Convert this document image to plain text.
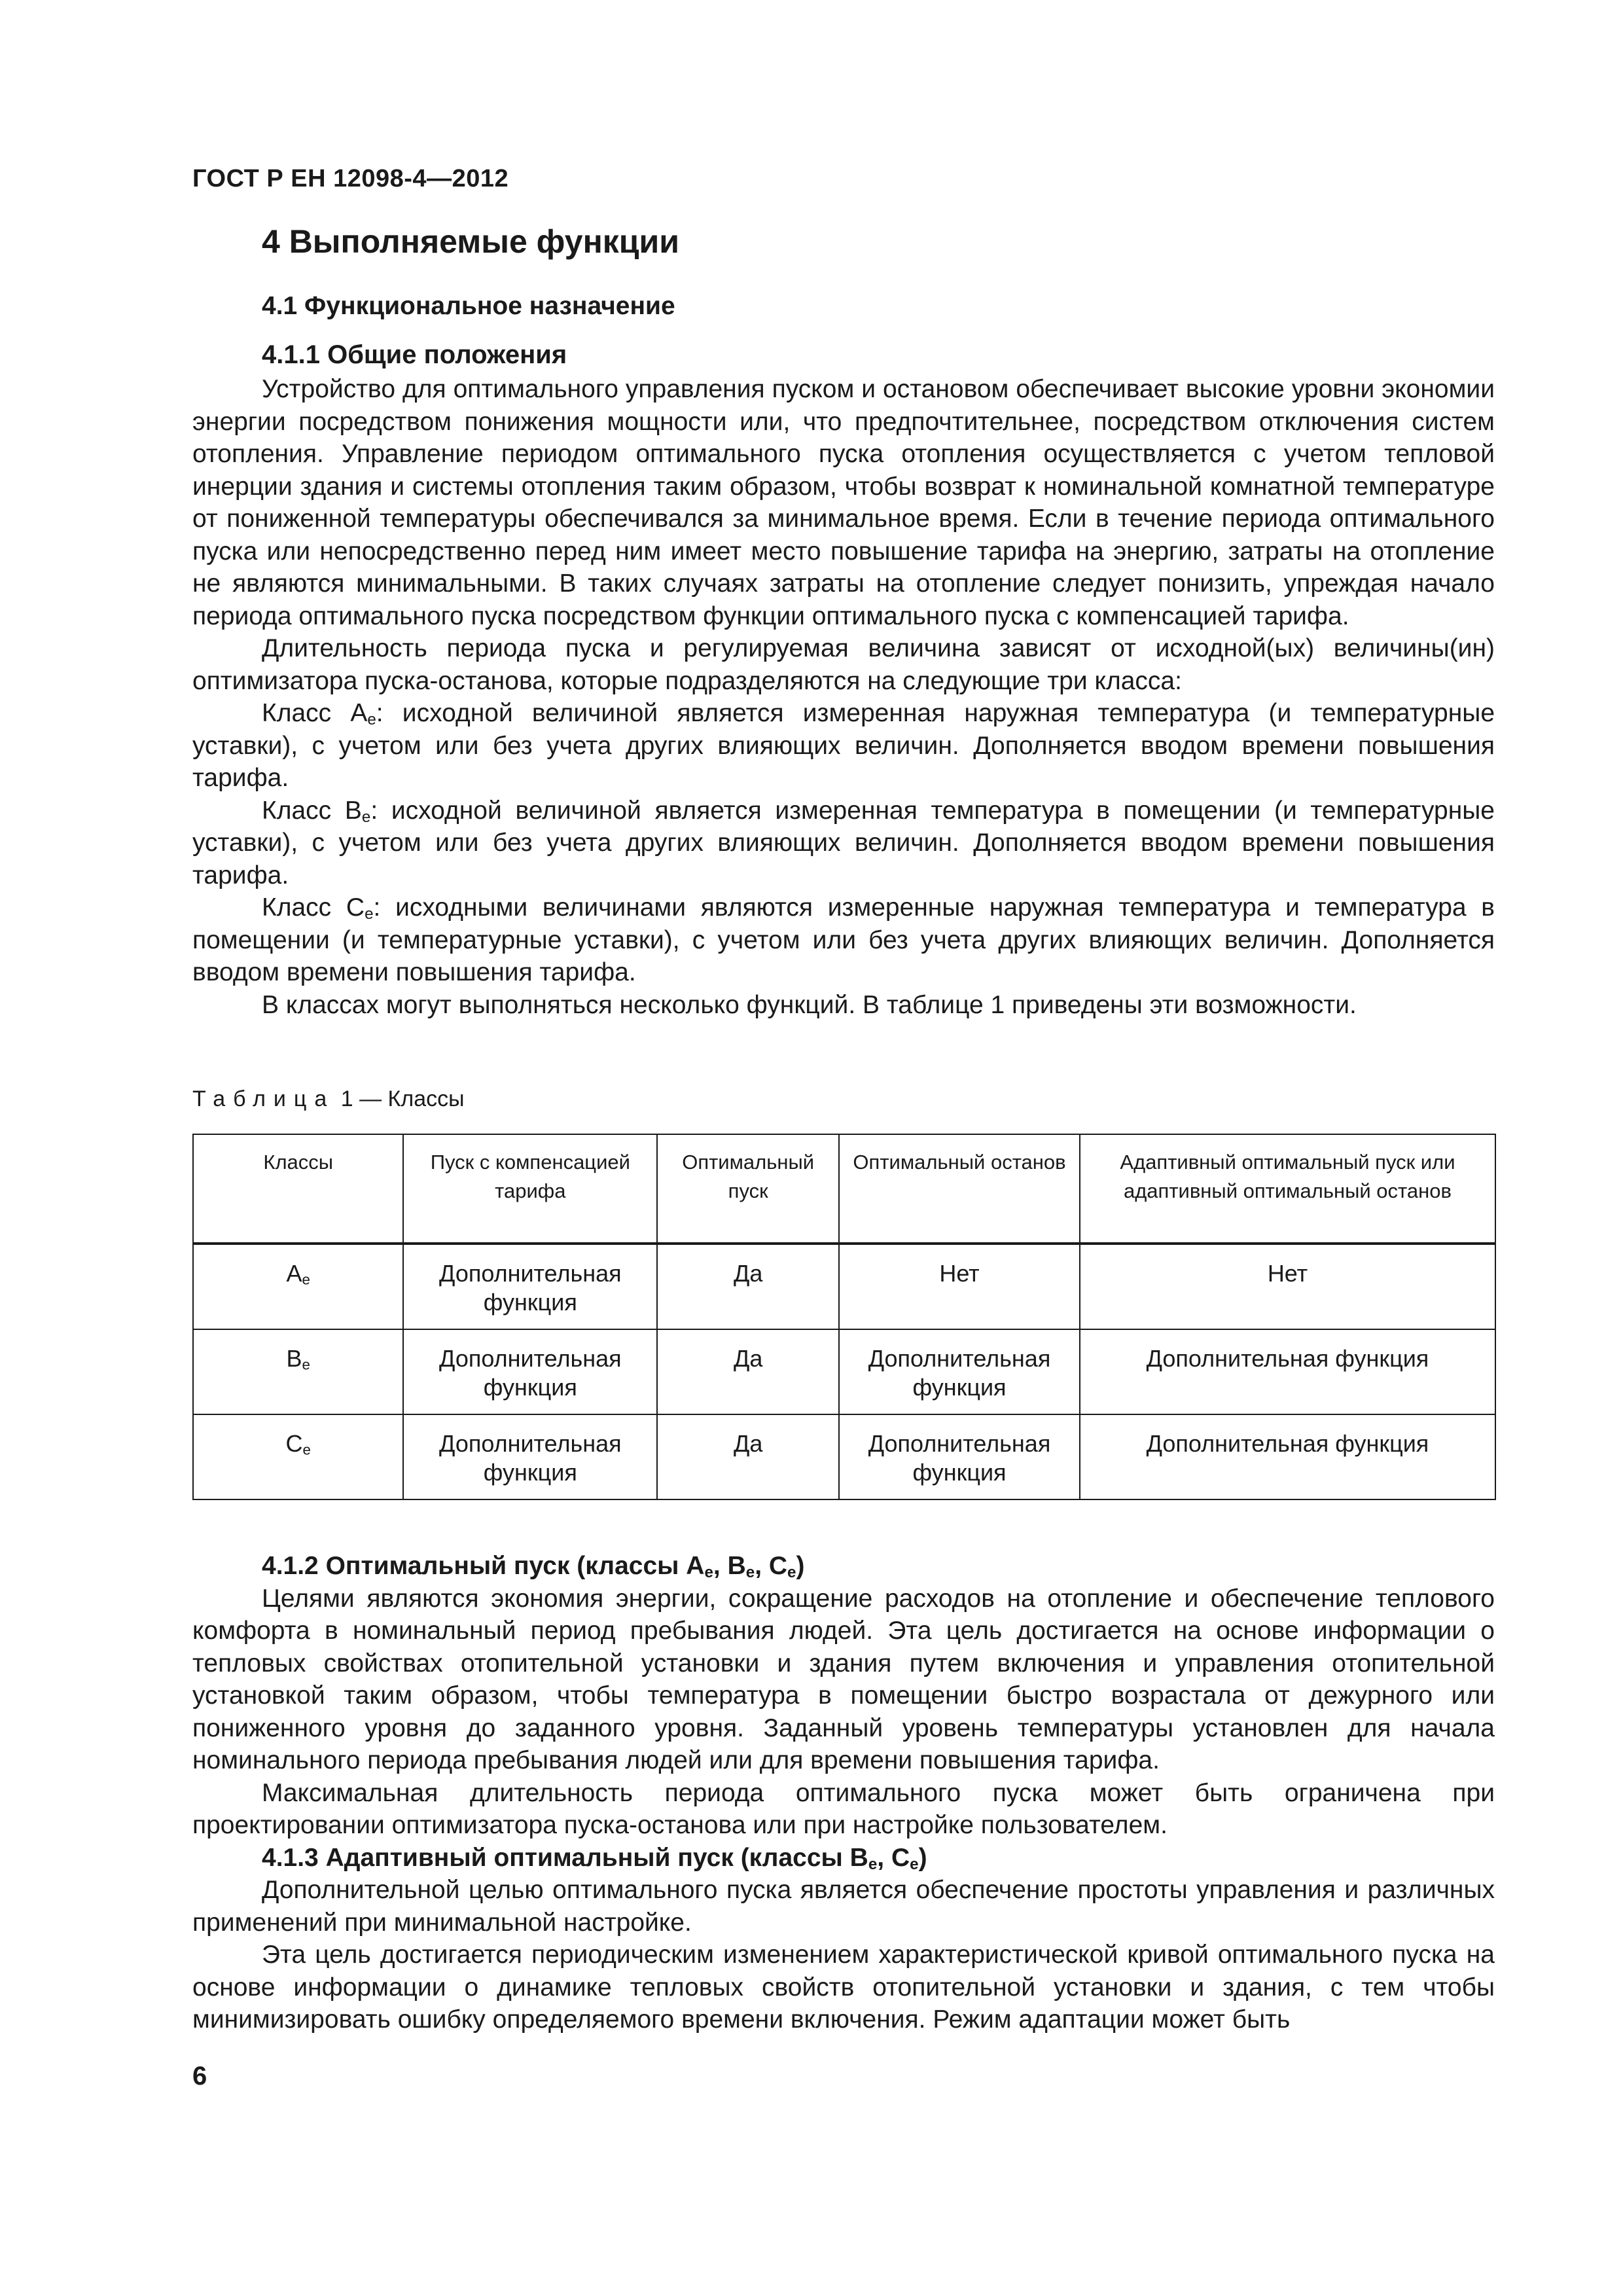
ГОСТ Р ЕН 12098-4—2012
4 Выполняемые функции
4.1 Функциональное назначение
4.1.1 Общие положения

Устройство для оптимального управления пуском и остановом обеспечивает высокие уровни экономии энергии посредством понижения мощности или, что предпочтительнее, посредством отключения систем отопления. Управление периодом оптимального пуска отопления осуществляется с учетом тепловой инерции здания и системы отопления таким образом, чтобы возврат к номинальной комнатной температуре от пониженной температуры обеспечивался за минимальное время. Если в течение периода оптимального пуска или непосредственно перед ним имеет место повышение тарифа на энергию, затраты на отопление не являются минимальными. В таких случаях затраты на отопление следует понизить, упреждая начало периода оптимального пуска посредством функции оптимального пуска с компенсацией тарифа.

Длительность периода пуска и регулируемая величина зависят от исходной(ых) величины(ин) оптимизатора пуска-останова, которые подразделяются на следующие три класса:

Класс $A_e$: исходной величиной является измеренная наружная температура (и температурные уставки), с учетом или без учета других влияющих величин. Дополняется вводом времени повышения тарифа.

Класс $B_e$: исходной величиной является измеренная температура в помещении (и температурные уставки), с учетом или без учета других влияющих величин. Дополняется вводом времени повышения тарифа.

Класс $C_e$: исходными величинами являются измеренные наружная температура и температура в помещении (и температурные уставки), с учетом или без учета других влияющих величин. Дополняется вводом времени повышения тарифа.

В классах могут выполняться несколько функций. В таблице 1 приведены эти возможности.

Таблица 1 — Классы
Классы	Пуск с компенсацией тарифа	Оптимальный пуск	Оптимальный останов	Адаптивный оптимальный пуск или адаптивный оптимальный останов
$A_e$	Дополнительная функция	Да	Нет	Нет
$B_e$	Дополнительная функция	Да	Дополнительная функция	Дополнительная функция
$C_e$	Дополнительная функция	Да	Дополнительная функция	Дополнительная функция

4.1.2 Оптимальный пуск (классы $A_e$, $B_e$, $C_e$)

Целями являются экономия энергии, сокращение расходов на отопление и обеспечение теплового комфорта в номинальный период пребывания людей. Эта цель достигается на основе информации о тепловых свойствах отопительной установки и здания путем включения и управления отопительной установкой таким образом, чтобы температура в помещении быстро возрастала от дежурного или пониженного уровня до заданного уровня. Заданный уровень температуры установлен для начала номинального периода пребывания людей или для времени повышения тарифа.

Максимальная длительность периода оптимального пуска может быть ограничена при проектировании оптимизатора пуска-останова или при настройке пользователем.

4.1.3 Адаптивный оптимальный пуск (классы $B_e$, $C_e$)

Дополнительной целью оптимального пуска является обеспечение простоты управления и различных применений при минимальной настройке.

Эта цель достигается периодическим изменением характеристической кривой оптимального пуска на основе информации о динамике тепловых свойств отопительной установки и здания, с тем чтобы минимизировать ошибку определяемого времени включения. Режим адаптации может быть

6
